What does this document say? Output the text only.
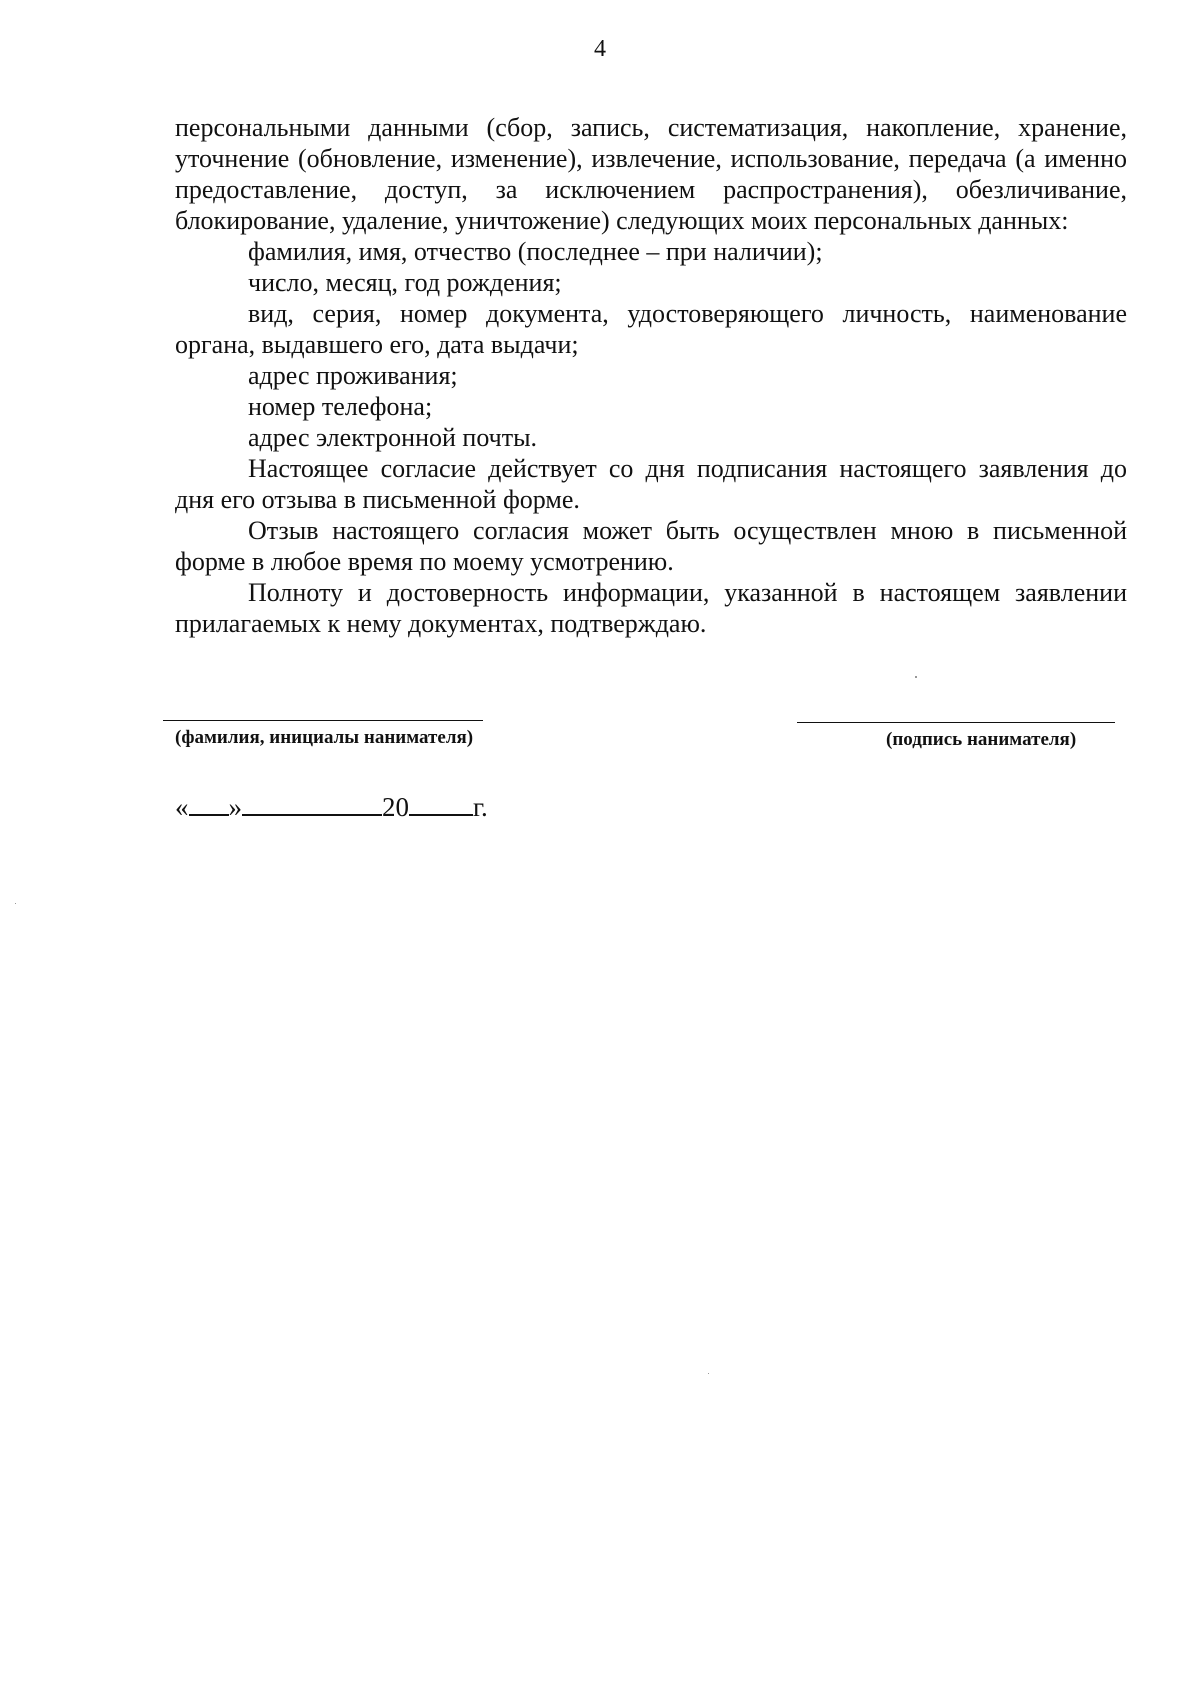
4

персональными данными (сбор, запись, систематизация, накопление, хранение, уточнение (обновление, изменение), извлечение, использование, передача (а именно предоставление, доступ, за исключением распространения), обезличивание, блокирование, удаление, уничтожение) следующих моих персональных данных:

фамилия, имя, отчество (последнее – при наличии);

число, месяц, год рождения;

вид, серия, номер документа, удостоверяющего личность, наименование органа, выдавшего его, дата выдачи;

адрес проживания;

номер телефона;

адрес электронной почты.

Настоящее согласие действует со дня подписания настоящего заявления до дня его отзыва в письменной форме.

Отзыв настоящего согласия может быть осуществлен мною в письменной форме в любое время по моему усмотрению.

Полноту и достоверность информации, указанной в настоящем заявлении прилагаемых к нему документах, подтверждаю.

(фамилия, инициалы нанимателя)	(подпись нанимателя)
« »	20 г.
